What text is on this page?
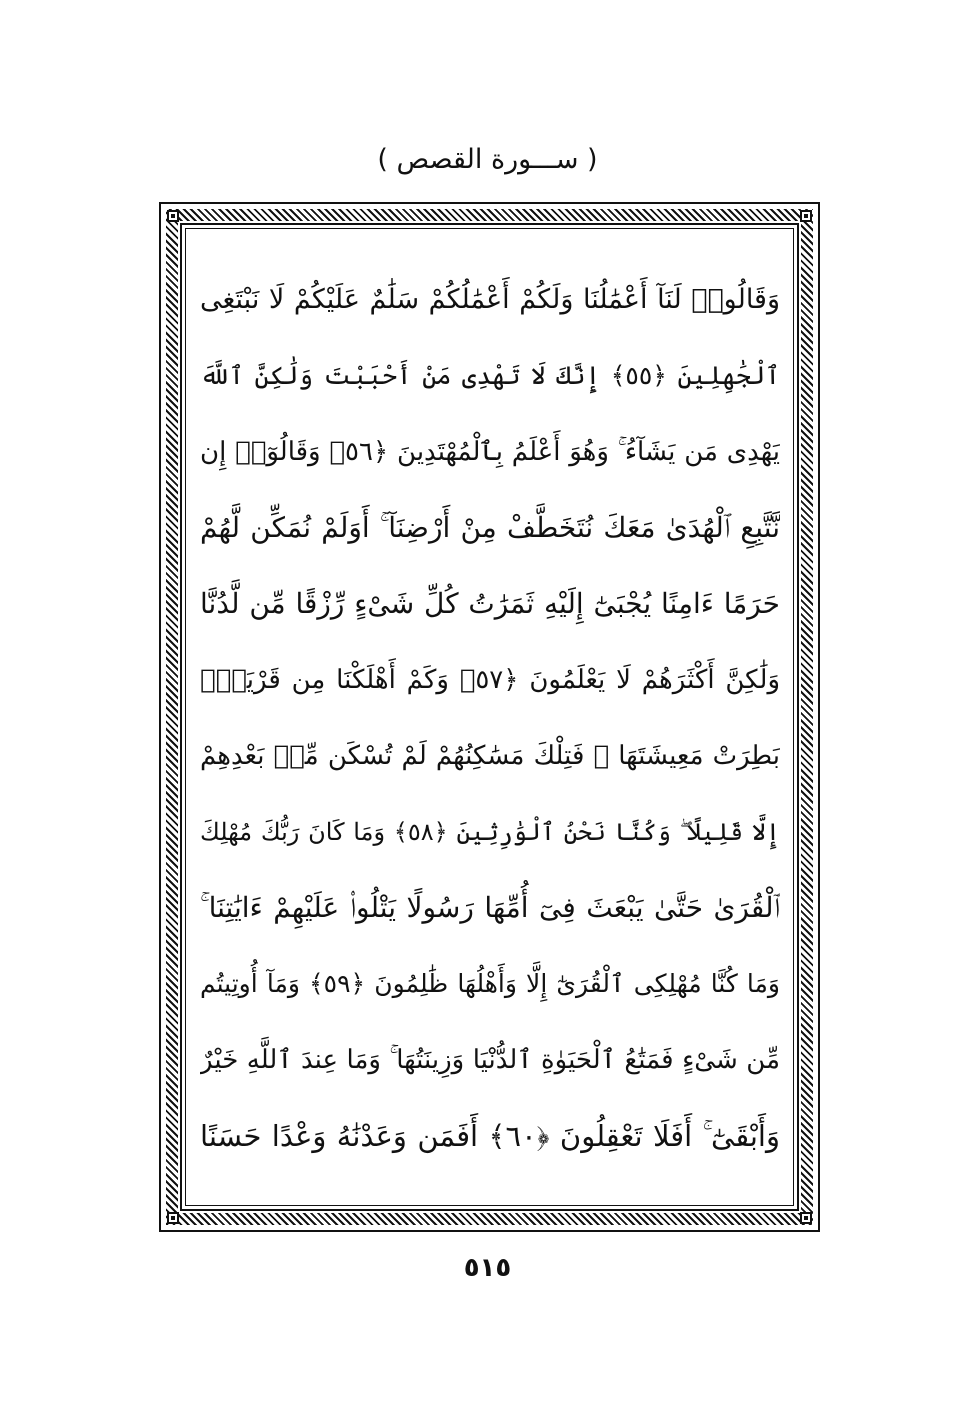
( ســـورة القصص )
وَقَالُوا۟ لَنَآ أَعْمَٰلُنَا وَلَكُمْ أَعْمَٰلُكُمْ سَلَٰمٌ عَلَيْكُمْ لَا نَبْتَغِى
ٱلْجَٰهِلِينَ ﴿٥٥﴾ إِنَّكَ لَا تَهْدِى مَنْ أَحْبَبْتَ وَلَٰكِنَّ ٱللَّهَ
يَهْدِى مَن يَشَآءُ ۚ وَهُوَ أَعْلَمُ بِٱلْمُهْتَدِينَ ﴿٥٦﴾ وَقَالُوٓا۟ إِن
نَّتَّبِعِ ٱلْهُدَىٰ مَعَكَ نُتَخَطَّفْ مِنْ أَرْضِنَآ ۚ أَوَلَمْ نُمَكِّن لَّهُمْ
حَرَمًا ءَامِنًا يُجْبَىٰٓ إِلَيْهِ ثَمَرَٰتُ كُلِّ شَىْءٍ رِّزْقًا مِّن لَّدُنَّا
وَلَٰكِنَّ أَكْثَرَهُمْ لَا يَعْلَمُونَ ﴿٥٧﴾ وَكَمْ أَهْلَكْنَا مِن قَرْيَةٍۭ
بَطِرَتْ مَعِيشَتَهَا ۖ فَتِلْكَ مَسَٰكِنُهُمْ لَمْ تُسْكَن مِّنۢ بَعْدِهِمْ
إِلَّا قَلِيلًا ۖ وَكُنَّا نَحْنُ ٱلْوَٰرِثِينَ ﴿٥٨﴾ وَمَا كَانَ رَبُّكَ مُهْلِكَ
ٱلْقُرَىٰ حَتَّىٰ يَبْعَثَ فِىٓ أُمِّهَا رَسُولًا يَتْلُوا۟ عَلَيْهِمْ ءَايَٰتِنَا ۚ
وَمَا كُنَّا مُهْلِكِى ٱلْقُرَىٰٓ إِلَّا وَأَهْلُهَا ظَٰلِمُونَ ﴿٥٩﴾ وَمَآ أُوتِيتُم
مِّن شَىْءٍ فَمَتَٰعُ ٱلْحَيَوٰةِ ٱلدُّنْيَا وَزِينَتُهَا ۚ وَمَا عِندَ ٱللَّهِ خَيْرٌ
وَأَبْقَىٰٓ ۚ أَفَلَا تَعْقِلُونَ ﴿٦٠﴾ أَفَمَن وَعَدْنَٰهُ وَعْدًا حَسَنًا
٥١٥
